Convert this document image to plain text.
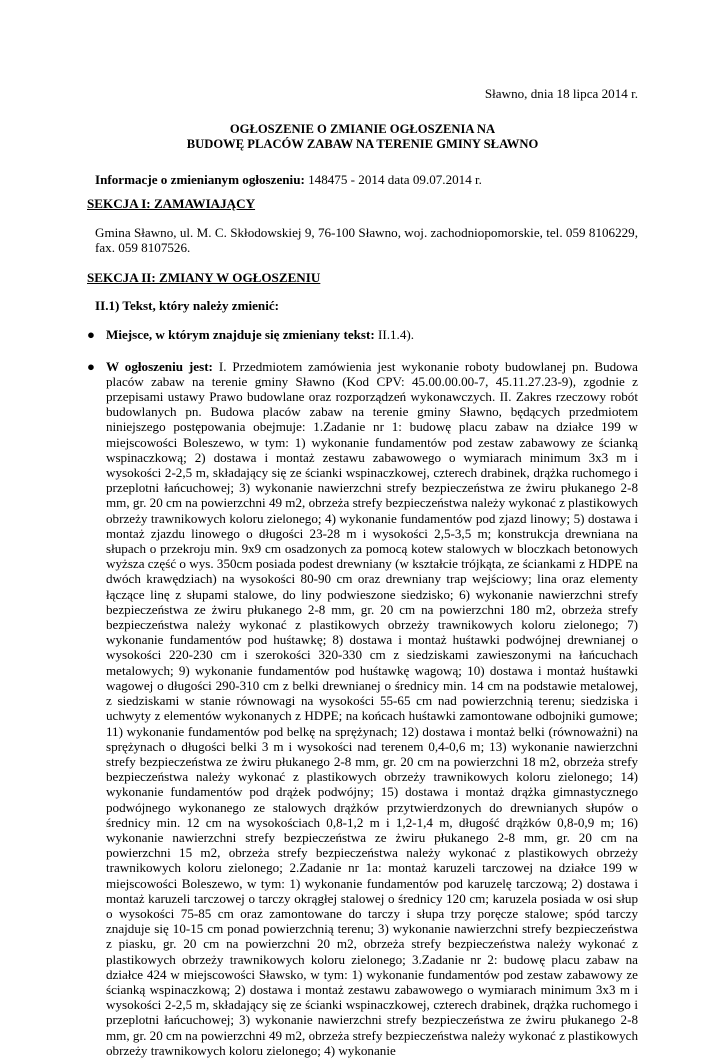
Sławno, dnia 18 lipca 2014 r.
OGŁOSZENIE O ZMIANIE OGŁOSZENIA NA
BUDOWĘ PLACÓW ZABAW NA TERENIE GMINY SŁAWNO
Informacje o zmienianym ogłoszeniu: 148475 - 2014 data 09.07.2014 r.
SEKCJA I: ZAMAWIAJĄCY
Gmina Sławno, ul. M. C. Skłodowskiej 9, 76-100 Sławno, woj. zachodniopomorskie, tel. 059 8106229, fax. 059 8107526.
SEKCJA II: ZMIANY W OGŁOSZENIU
II.1) Tekst, który należy zmienić:
● Miejsce, w którym znajduje się zmieniany tekst: II.1.4).
● W ogłoszeniu jest: I. Przedmiotem zamówienia jest wykonanie roboty budowlanej pn. Budowa placów zabaw na terenie gminy Sławno (Kod CPV: 45.00.00.00-7, 45.11.27.23-9), zgodnie z przepisami ustawy Prawo budowlane oraz rozporządzeń wykonawczych. II. Zakres rzeczowy robót budowlanych pn. Budowa placów zabaw na terenie gminy Sławno, będących przedmiotem niniejszego postępowania obejmuje: 1.Zadanie nr 1: budowę placu zabaw na działce 199 w miejscowości Boleszewo, w tym: 1) wykonanie fundamentów pod zestaw zabawowy ze ścianką wspinaczkową; 2) dostawa i montaż zestawu zabawowego o wymiarach minimum 3x3 m i wysokości 2-2,5 m, składający się ze ścianki wspinaczkowej, czterech drabinek, drążka ruchomego i przeplotni łańcuchowej; 3) wykonanie nawierzchni strefy bezpieczeństwa ze żwiru płukanego 2-8 mm, gr. 20 cm na powierzchni 49 m2, obrzeża strefy bezpieczeństwa należy wykonać z plastikowych obrzeży trawnikowych koloru zielonego; 4) wykonanie fundamentów pod zjazd linowy; 5) dostawa i montaż zjazdu linowego o długości 23-28 m i wysokości 2,5-3,5 m; konstrukcja drewniana na słupach o przekroju min. 9x9 cm osadzonych za pomocą kotew stalowych w bloczkach betonowych wyższa część o wys. 350cm posiada podest drewniany (w kształcie trójkąta, ze ściankami z HDPE na dwóch krawędziach) na wysokości 80-90 cm oraz drewniany trap wejściowy; lina oraz elementy łączące linę z słupami stalowe, do liny podwieszone siedzisko; 6) wykonanie nawierzchni strefy bezpieczeństwa ze żwiru płukanego 2-8 mm, gr. 20 cm na powierzchni 180 m2, obrzeża strefy bezpieczeństwa należy wykonać z plastikowych obrzeży trawnikowych koloru zielonego; 7) wykonanie fundamentów pod huśtawkę; 8) dostawa i montaż huśtawki podwójnej drewnianej o wysokości 220-230 cm i szerokości 320-330 cm z siedziskami zawieszonymi na łańcuchach metalowych; 9) wykonanie fundamentów pod huśtawkę wagową; 10) dostawa i montaż huśtawki wagowej o długości 290-310 cm z belki drewnianej o średnicy min. 14 cm na podstawie metalowej, z siedziskami w stanie równowagi na wysokości 55-65 cm nad powierzchnią terenu; siedziska i uchwyty z elementów wykonanych z HDPE; na końcach huśtawki zamontowane odbojniki gumowe; 11) wykonanie fundamentów pod belkę na sprężynach; 12) dostawa i montaż belki (równoważni) na sprężynach o długości belki 3 m i wysokości nad terenem 0,4-0,6 m; 13) wykonanie nawierzchni strefy bezpieczeństwa ze żwiru płukanego 2-8 mm, gr. 20 cm na powierzchni 18 m2, obrzeża strefy bezpieczeństwa należy wykonać z plastikowych obrzeży trawnikowych koloru zielonego; 14) wykonanie fundamentów pod drążek podwójny; 15) dostawa i montaż drążka gimnastycznego podwójnego wykonanego ze stalowych drążków przytwierdzonych do drewnianych słupów o średnicy min. 12 cm na wysokościach 0,8-1,2 m i 1,2-1,4 m, długość drążków 0,8-0,9 m; 16) wykonanie nawierzchni strefy bezpieczeństwa ze żwiru płukanego 2-8 mm, gr. 20 cm na powierzchni 15 m2, obrzeża strefy bezpieczeństwa należy wykonać z plastikowych obrzeży trawnikowych koloru zielonego; 2.Zadanie nr 1a: montaż karuzeli tarczowej na działce 199 w miejscowości Boleszewo, w tym: 1) wykonanie fundamentów pod karuzelę tarczową; 2) dostawa i montaż karuzeli tarczowej o tarczy okrągłej stalowej o średnicy 120 cm; karuzela posiada w osi słup o wysokości 75-85 cm oraz zamontowane do tarczy i słupa trzy poręcze stalowe; spód tarczy znajduje się 10-15 cm ponad powierzchnią terenu; 3) wykonanie nawierzchni strefy bezpieczeństwa z piasku, gr. 20 cm na powierzchni 20 m2, obrzeża strefy bezpieczeństwa należy wykonać z plastikowych obrzeży trawnikowych koloru zielonego; 3.Zadanie nr 2: budowę placu zabaw na działce 424 w miejscowości Sławsko, w tym: 1) wykonanie fundamentów pod zestaw zabawowy ze ścianką wspinaczkową; 2) dostawa i montaż zestawu zabawowego o wymiarach minimum 3x3 m i wysokości 2-2,5 m, składający się ze ścianki wspinaczkowej, czterech drabinek, drążka ruchomego i przeplotni łańcuchowej; 3) wykonanie nawierzchni strefy bezpieczeństwa ze żwiru płukanego 2-8 mm, gr. 20 cm na powierzchni 49 m2, obrzeża strefy bezpieczeństwa należy wykonać z plastikowych obrzeży trawnikowych koloru zielonego; 4) wykonanie
